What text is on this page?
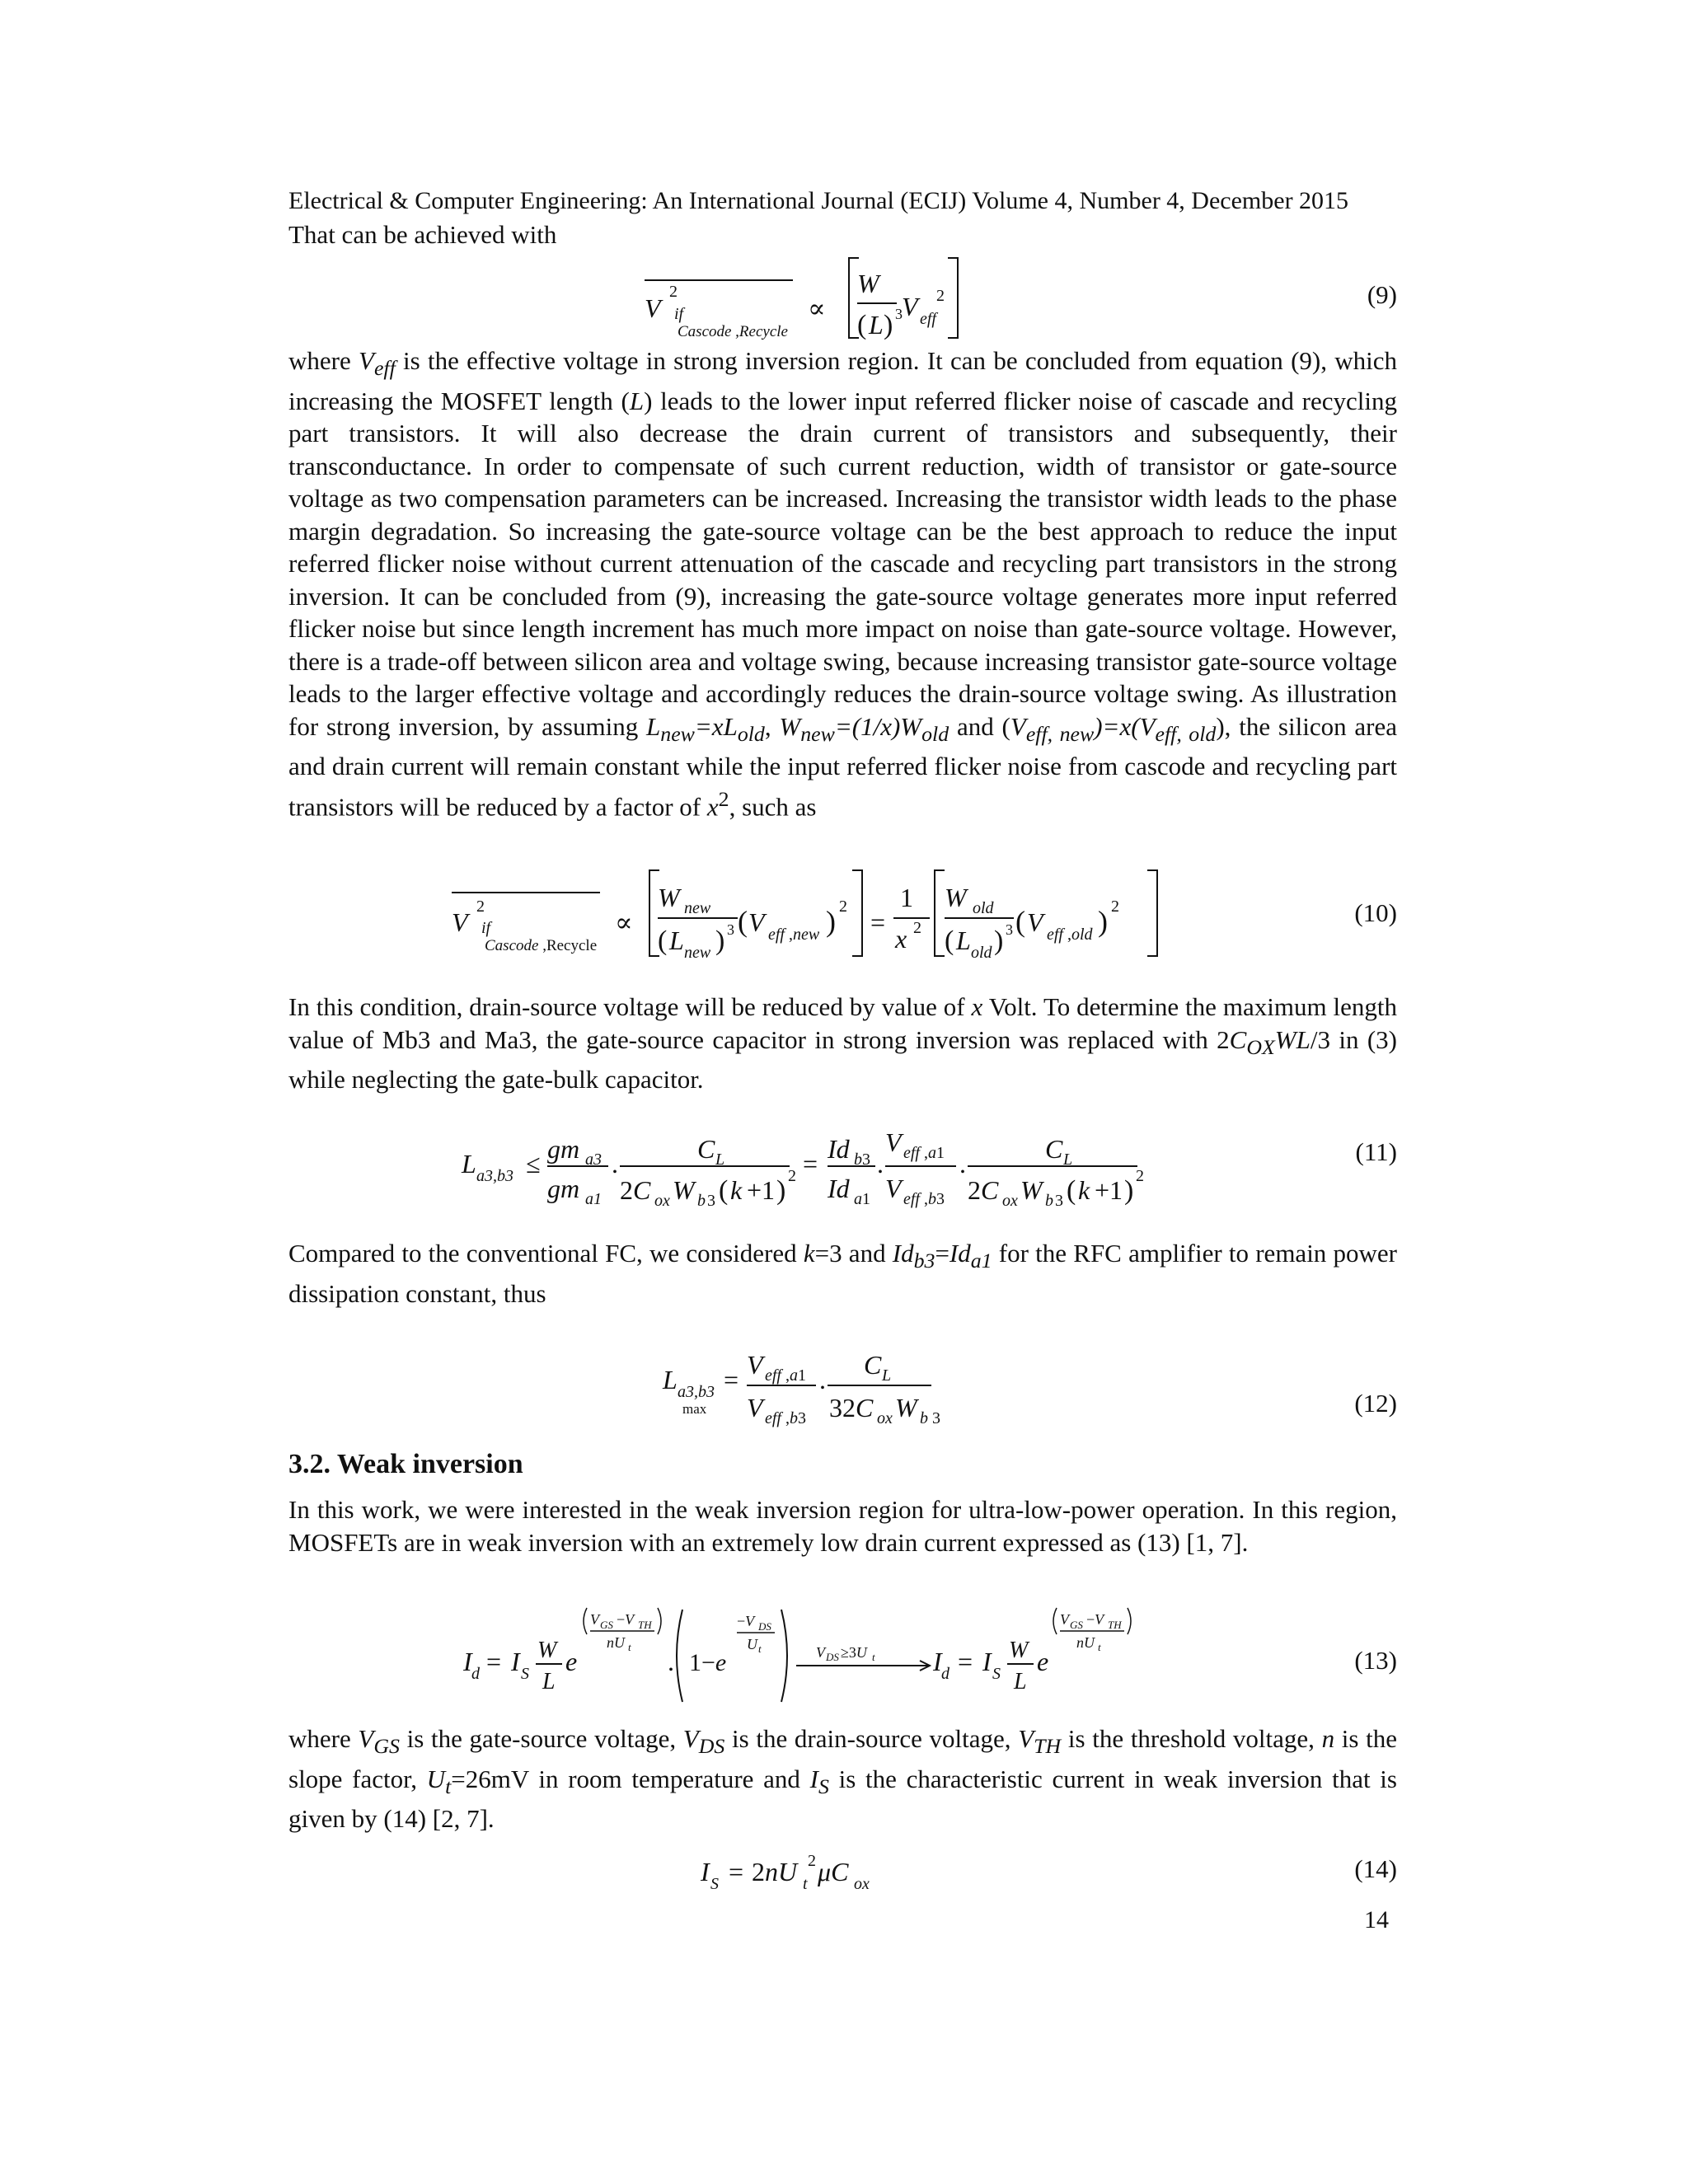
Electrical & Computer Engineering: An International Journal (ECIJ) Volume 4, Number 4, December 2015
That can be achieved with
V
2
if
Cascode ,Recycle
∝
W
( L ) 3 V eff
2	(9)

where $V_{eff}$ is the effective voltage in strong inversion region. It can be concluded from equation (9), which increasing the MOSFET length (L) leads to the lower input referred flicker noise of cascade and recycling part transistors. It will also decrease the drain current of transistors and subsequently, their transconductance. In order to compensate of such current reduction, width of transistor or gate-source voltage as two compensation parameters can be increased. Increasing the transistor width leads to the phase margin degradation. So increasing the gate-source voltage can be the best approach to reduce the input referred flicker noise without current attenuation of the cascade and recycling part transistors in the strong inversion. It can be concluded from (9), increasing the gate-source voltage generates more input referred flicker noise but since length increment has much more impact on noise than gate-source voltage. However, there is a trade-off between silicon area and voltage swing, because increasing transistor gate-source voltage leads to the larger effective voltage and accordingly reduces the drain-source voltage swing. As illustration for strong inversion, by assuming $L_{new}=xL_{old}$, $W_{new}=(1/x)W_{old}$ and $(V_{eff, new})=x(V_{eff, old})$, the silicon area and drain current will remain constant while the input referred flicker noise from cascode and recycling part transistors will be reduced by a factor of $x^2$, such as

V
2
if
Cascode ,Recycle
∝
W new
( L new ) 3 ( V eff ,new ) 2
=
1
x 2
W old
( L old ) 3 ( V eff ,old ) 2	(10)

In this condition, drain-source voltage will be reduced by value of x Volt. To determine the maximum length value of Mb3 and Ma3, the gate-source capacitor in strong inversion was replaced with $2C_{OX}WL/3$ in (3) while neglecting the gate-bulk capacitor.

L a3,b3 ≤ gm a3
gm a1
.	C L
2C ox W b 3 ( k +1 ) 2 = Id b3
Id a1
.
V eff ,a1
V eff ,b3
.	C L
2C ox W b 3 ( k +1 ) 2
(11)

Compared to the conventional FC, we considered k=3 and $Id_{b3}=Id_{a1}$ for the RFC amplifier to remain power dissipation constant, thus

L a3,b3
max
= V eff ,a1
V eff ,b3
. C L
32C ox W b 3
(12)
3.2. Weak inversion

In this work, we were interested in the weak inversion region for ultra-low-power operation. In this region, MOSFETs are in weak inversion with an extremely low drain current expressed as (13) [1, 7].

I d = I S
W
L
e
V GS −V TH
nU t . 1−e
−V DS
U t	V DS ≥3U t I d = I S
W
L
e
V GS −V TH
nU t	(13)

where $V_{GS}$ is the gate-source voltage, $V_{DS}$ is the drain-source voltage, $V_{TH}$ is the threshold voltage, n is the slope factor, $U_t=26mV$ in room temperature and $I_S$ is the characteristic current in weak inversion that is given by (14) [2, 7].

I S = 2nU t
2 μC ox
(14)
14
